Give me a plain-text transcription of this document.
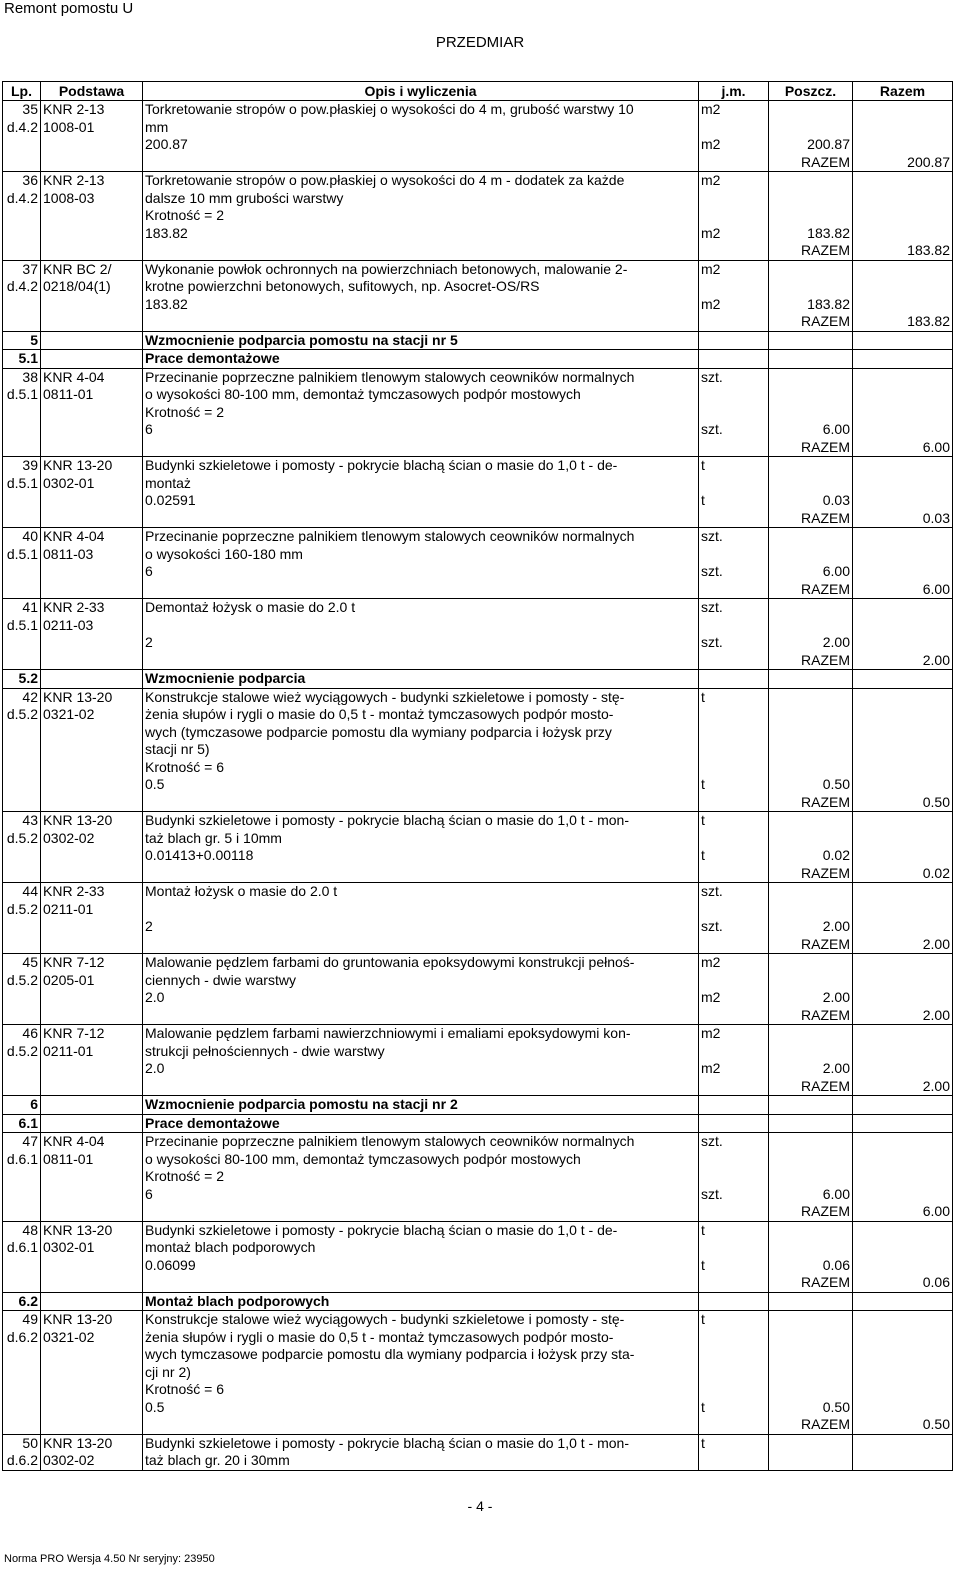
Remont pomostu U
PRZEDMIAR
Lp.	Podstawa	Opis i wyliczenia	j.m.	Poszcz.	Razem
35	KNR 2-13	Torkretowanie stropów o pow.płaskiej o wysokości do 4 m, grubość warstwy 10	m2		
d.4.2	1008-01	mm			
		200.87	m2	200.87	
				RAZEM	200.87
36	KNR 2-13	Torkretowanie stropów o pow.płaskiej o wysokości do 4 m - dodatek za każde	m2		
d.4.2	1008-03	dalsze 10 mm grubości warstwy			
		Krotność = 2			
		183.82	m2	183.82	
				RAZEM	183.82
37	KNR BC 2/	Wykonanie powłok ochronnych na powierzchniach betonowych, malowanie 2-	m2		
d.4.2	0218/04(1)	krotne powierzchni betonowych, sufitowych, np. Asocret-OS/RS			
		183.82	m2	183.82	
				RAZEM	183.82
5		Wzmocnienie podparcia pomostu na stacji nr 5			
5.1		Prace demontażowe			
38	KNR 4-04	Przecinanie poprzeczne palnikiem tlenowym stalowych ceowników normalnych	szt.		
d.5.1	0811-01	o wysokości 80-100 mm, demontaż tymczasowych podpór mostowych			
		Krotność = 2			
		6	szt.	6.00	
				RAZEM	6.00
39	KNR 13-20	Budynki szkieletowe i pomosty - pokrycie blachą ścian o masie do 1,0 t - de-	t		
d.5.1	0302-01	montaż			
		0.02591	t	0.03	
				RAZEM	0.03
40	KNR 4-04	Przecinanie poprzeczne palnikiem tlenowym stalowych ceowników normalnych	szt.		
d.5.1	0811-03	o wysokości 160-180 mm			
		6	szt.	6.00	
				RAZEM	6.00
41	KNR 2-33	Demontaż łożysk o masie do 2.0 t	szt.		
d.5.1	0211-03				
		2	szt.	2.00	
				RAZEM	2.00
5.2		Wzmocnienie podparcia			
42	KNR 13-20	Konstrukcje stalowe wież wyciągowych - budynki szkieletowe i pomosty - stę-	t		
d.5.2	0321-02	żenia słupów i rygli o masie do 0,5 t - montaż tymczasowych podpór mosto-			
		wych (tymczasowe podparcie pomostu dla wymiany podparcia i łożysk przy			
		stacji nr 5)			
		Krotność = 6			
		0.5	t	0.50	
				RAZEM	0.50
43	KNR 13-20	Budynki szkieletowe i pomosty - pokrycie blachą ścian o masie do 1,0 t - mon-	t		
d.5.2	0302-02	taż blach gr. 5 i 10mm			
		0.01413+0.00118	t	0.02	
				RAZEM	0.02
44	KNR 2-33	Montaż łożysk o masie do 2.0 t	szt.		
d.5.2	0211-01				
		2	szt.	2.00	
				RAZEM	2.00
45	KNR 7-12	Malowanie pędzlem farbami do gruntowania epoksydowymi konstrukcji pełnoś-	m2		
d.5.2	0205-01	ciennych - dwie warstwy			
		2.0	m2	2.00	
				RAZEM	2.00
46	KNR 7-12	Malowanie pędzlem farbami nawierzchniowymi i emaliami epoksydowymi kon-	m2		
d.5.2	0211-01	strukcji pełnościennych - dwie warstwy			
		2.0	m2	2.00	
				RAZEM	2.00
6		Wzmocnienie podparcia pomostu na stacji nr 2			
6.1		Prace demontażowe			
47	KNR 4-04	Przecinanie poprzeczne palnikiem tlenowym stalowych ceowników normalnych	szt.		
d.6.1	0811-01	o wysokości 80-100 mm, demontaż tymczasowych podpór mostowych			
		Krotność = 2			
		6	szt.	6.00	
				RAZEM	6.00
48	KNR 13-20	Budynki szkieletowe i pomosty - pokrycie blachą ścian o masie do 1,0 t - de-	t		
d.6.1	0302-01	montaż blach podporowych			
		0.06099	t	0.06	
				RAZEM	0.06
6.2		Montaż blach podporowych			
49	KNR 13-20	Konstrukcje stalowe wież wyciągowych - budynki szkieletowe i pomosty - stę-	t		
d.6.2	0321-02	żenia słupów i rygli o masie do 0,5 t - montaż tymczasowych podpór mosto-			
		wych tymczasowe podparcie pomostu dla wymiany podparcia i łożysk przy sta-			
		cji nr 2)			
		Krotność = 6			
		0.5	t	0.50	
				RAZEM	0.50
50	KNR 13-20	Budynki szkieletowe i pomosty - pokrycie blachą ścian o masie do 1,0 t - mon-	t		
d.6.2	0302-02	taż blach gr. 20 i 30mm			
- 4 -
Norma PRO Wersja 4.50 Nr seryjny: 23950
